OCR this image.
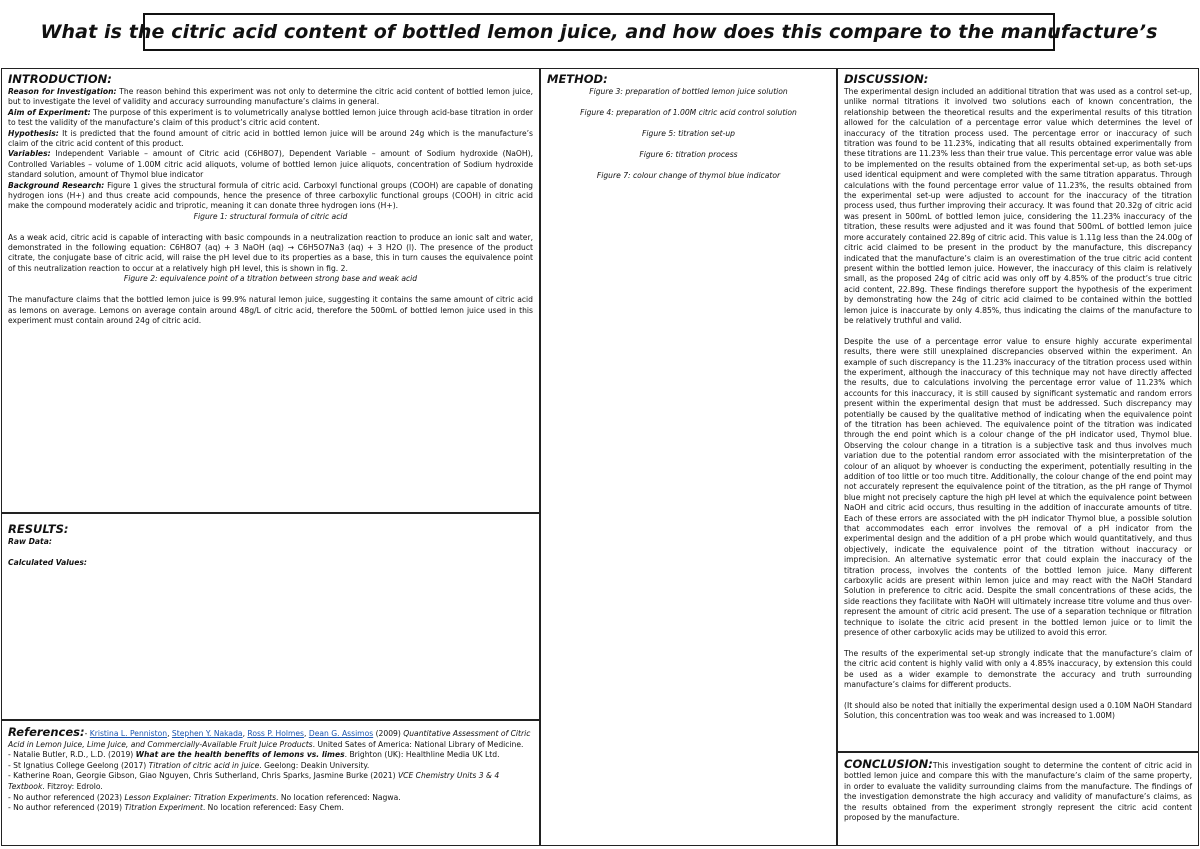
What is the citric acid content of bottled lemon juice, and how does this compare to the manufacture’s
INTRODUCTION:

Reason for Investigation: The reason behind this experiment was not only to determine the citric acid content of bottled lemon juice, but to investigate the level of validity and accuracy surrounding manufacture’s claims in general.

Aim of Experiment: The purpose of this experiment is to volumetrically analyse bottled lemon juice through acid-base titration in order to test the validity of the manufacture’s claim of this product’s citric acid content.

Hypothesis: It is predicted that the found amount of citric acid in bottled lemon juice will be around 24g which is the manufacture’s claim of the citric acid content of this product.

Variables: Independent Variable – amount of Citric acid (C6H8O7), Dependent Variable – amount of Sodium hydroxide (NaOH), Controlled Variables – volume of 1.00M citric acid aliquots, volume of bottled lemon juice aliquots, concentration of Sodium hydroxide standard solution, amount of Thymol blue indicator

Background Research: Figure 1 gives the structural formula of citric acid. Carboxyl functional groups (COOH) are capable of donating hydrogen ions (H+) and thus create acid compounds, hence the presence of three carboxylic functional groups (COOH) in citric acid make the compound moderately acidic and triprotic, meaning it can donate three hydrogen ions (H+).

Figure 1: structural formula of citric acid

As a weak acid, citric acid is capable of interacting with basic compounds in a neutralization reaction to produce an ionic salt and water, demonstrated in the following equation: C6H8O7 (aq) + 3 NaOH (aq) → C6H5O7Na3 (aq) + 3 H2O (l). The presence of the product citrate, the conjugate base of citric acid, will raise the pH level due to its properties as a base, this in turn causes the equivalence point of this neutralization reaction to occur at a relatively high pH level, this is shown in fig. 2.

Figure 2: equivalence point of a titration between strong base and weak acid

The manufacture claims that the bottled lemon juice is 99.9% natural lemon juice, suggesting it contains the same amount of citric acid as lemons on average. Lemons on average contain around 48g/L of citric acid, therefore the 500mL of bottled lemon juice used in this experiment must contain around 24g of citric acid.

RESULTS:

Raw Data:

Calculated Values:

References:- Kristina L. Penniston, Stephen Y. Nakada, Ross P. Holmes, Dean G. Assimos (2009) Quantitative Assessment of Citric Acid in Lemon Juice, Lime Juice, and Commercially-Available Fruit Juice Products. United Sates of America: National Library of Medicine.

- Natalie Butler, R.D., L.D. (2019) What are the health benefits of lemons vs. limes. Brighton (UK): Healthline Media UK Ltd.

- St Ignatius College Geelong (2017) Titration of citric acid in juice. Geelong: Deakin University.

- Katherine Roan, Georgie Gibson, Giao Nguyen, Chris Sutherland, Chris Sparks, Jasmine Burke (2021) VCE Chemistry Units 3 & 4 Textbook. Fitzroy: Edrolo.

- No author referenced (2023) Lesson Explainer: Titration Experiments. No location referenced: Nagwa.

- No author referenced (2019) Titration Experiment. No location referenced: Easy Chem.

METHOD:

Figure 3: preparation of bottled lemon juice solution

Figure 4: preparation of 1.00M citric acid control solution

Figure 5: titration set-up

Figure 6: titration process

Figure 7: colour change of thymol blue indicator

DISCUSSION:

The experimental design included an additional titration that was used as a control set-up, unlike normal titrations it involved two solutions each of known concentration, the relationship between the theoretical results and the experimental results of this titration allowed for the calculation of a percentage error value which determines the level of inaccuracy of the titration process used. The percentage error or inaccuracy of such titration was found to be 11.23%, indicating that all results obtained experimentally from these titrations are 11.23% less than their true value. This percentage error value was able to be implemented on the results obtained from the experimental set-up, as both set-ups used identical equipment and were completed with the same titration apparatus. Through calculations with the found percentage error value of 11.23%, the results obtained from the experimental set-up were adjusted to account for the inaccuracy of the titration process used, thus further improving their accuracy. It was found that 20.32g of citric acid was present in 500mL of bottled lemon juice, considering the 11.23% inaccuracy of the titration, these results were adjusted and it was found that 500mL of bottled lemon juice more accurately contained 22.89g of citric acid. This value is 1.11g less than the 24.00g of citric acid claimed to be present in the product by the manufacture, this discrepancy indicated that the manufacture’s claim is an overestimation of the true citric acid content present within the bottled lemon juice. However, the inaccuracy of this claim is relatively small, as the proposed 24g of citric acid was only off by 4.85% of the product’s true citric acid content, 22.89g. These findings therefore support the hypothesis of the experiment by demonstrating how the 24g of citric acid claimed to be contained within the bottled lemon juice is inaccurate by only 4.85%, thus indicating the claims of the manufacture to be relatively truthful and valid.

Despite the use of a percentage error value to ensure highly accurate experimental results, there were still unexplained discrepancies observed within the experiment. An example of such discrepancy is the 11.23% inaccuracy of the titration process used within the experiment, although the inaccuracy of this technique may not have directly affected the results, due to calculations involving the percentage error value of 11.23% which accounts for this inaccuracy, it is still caused by significant systematic and random errors present within the experimental design that must be addressed. Such discrepancy may potentially be caused by the qualitative method of indicating when the equivalence point of the titration has been achieved. The equivalence point of the titration was indicated through the end point which is a colour change of the pH indicator used, Thymol blue. Observing the colour change in a titration is a subjective task and thus involves much variation due to the potential random error associated with the misinterpretation of the colour of an aliquot by whoever is conducting the experiment, potentially resulting in the addition of too little or too much titre. Additionally, the colour change of the end point may not accurately represent the equivalence point of the titration, as the pH range of Thymol blue might not precisely capture the high pH level at which the equivalence point between NaOH and citric acid occurs, thus resulting in the addition of inaccurate amounts of titre. Each of these errors are associated with the pH indicator Thymol blue, a possible solution that accommodates each error involves the removal of a pH indicator from the experimental design and the addition of a pH probe which would quantitatively, and thus objectively, indicate the equivalence point of the titration without inaccuracy or imprecision. An alternative systematic error that could explain the inaccuracy of the titration process, involves the contents of the bottled lemon juice. Many different carboxylic acids are present within lemon juice and may react with the NaOH Standard Solution in preference to citric acid. Despite the small concentrations of these acids, the side reactions they facilitate with NaOH will ultimately increase titre volume and thus over-represent the amount of citric acid present. The use of a separation technique or filtration technique to isolate the citric acid present in the bottled lemon juice or to limit the presence of other carboxylic acids may be utilized to avoid this error.

The results of the experimental set-up strongly indicate that the manufacture’s claim of the citric acid content is highly valid with only a 4.85% inaccuracy, by extension this could be used as a wider example to demonstrate the accuracy and truth surrounding manufacture’s claims for different products.

(It should also be noted that initially the experimental design used a 0.10M NaOH Standard Solution, this concentration was too weak and was increased to 1.00M)

CONCLUSION:This investigation sought to determine the content of citric acid in bottled lemon juice and compare this with the manufacture’s claim of the same property, in order to evaluate the validity surrounding claims from the manufacture. The findings of the investigation demonstrate the high accuracy and validity of manufacture’s claims, as the results obtained from the experiment strongly represent the citric acid content proposed by the manufacture.
